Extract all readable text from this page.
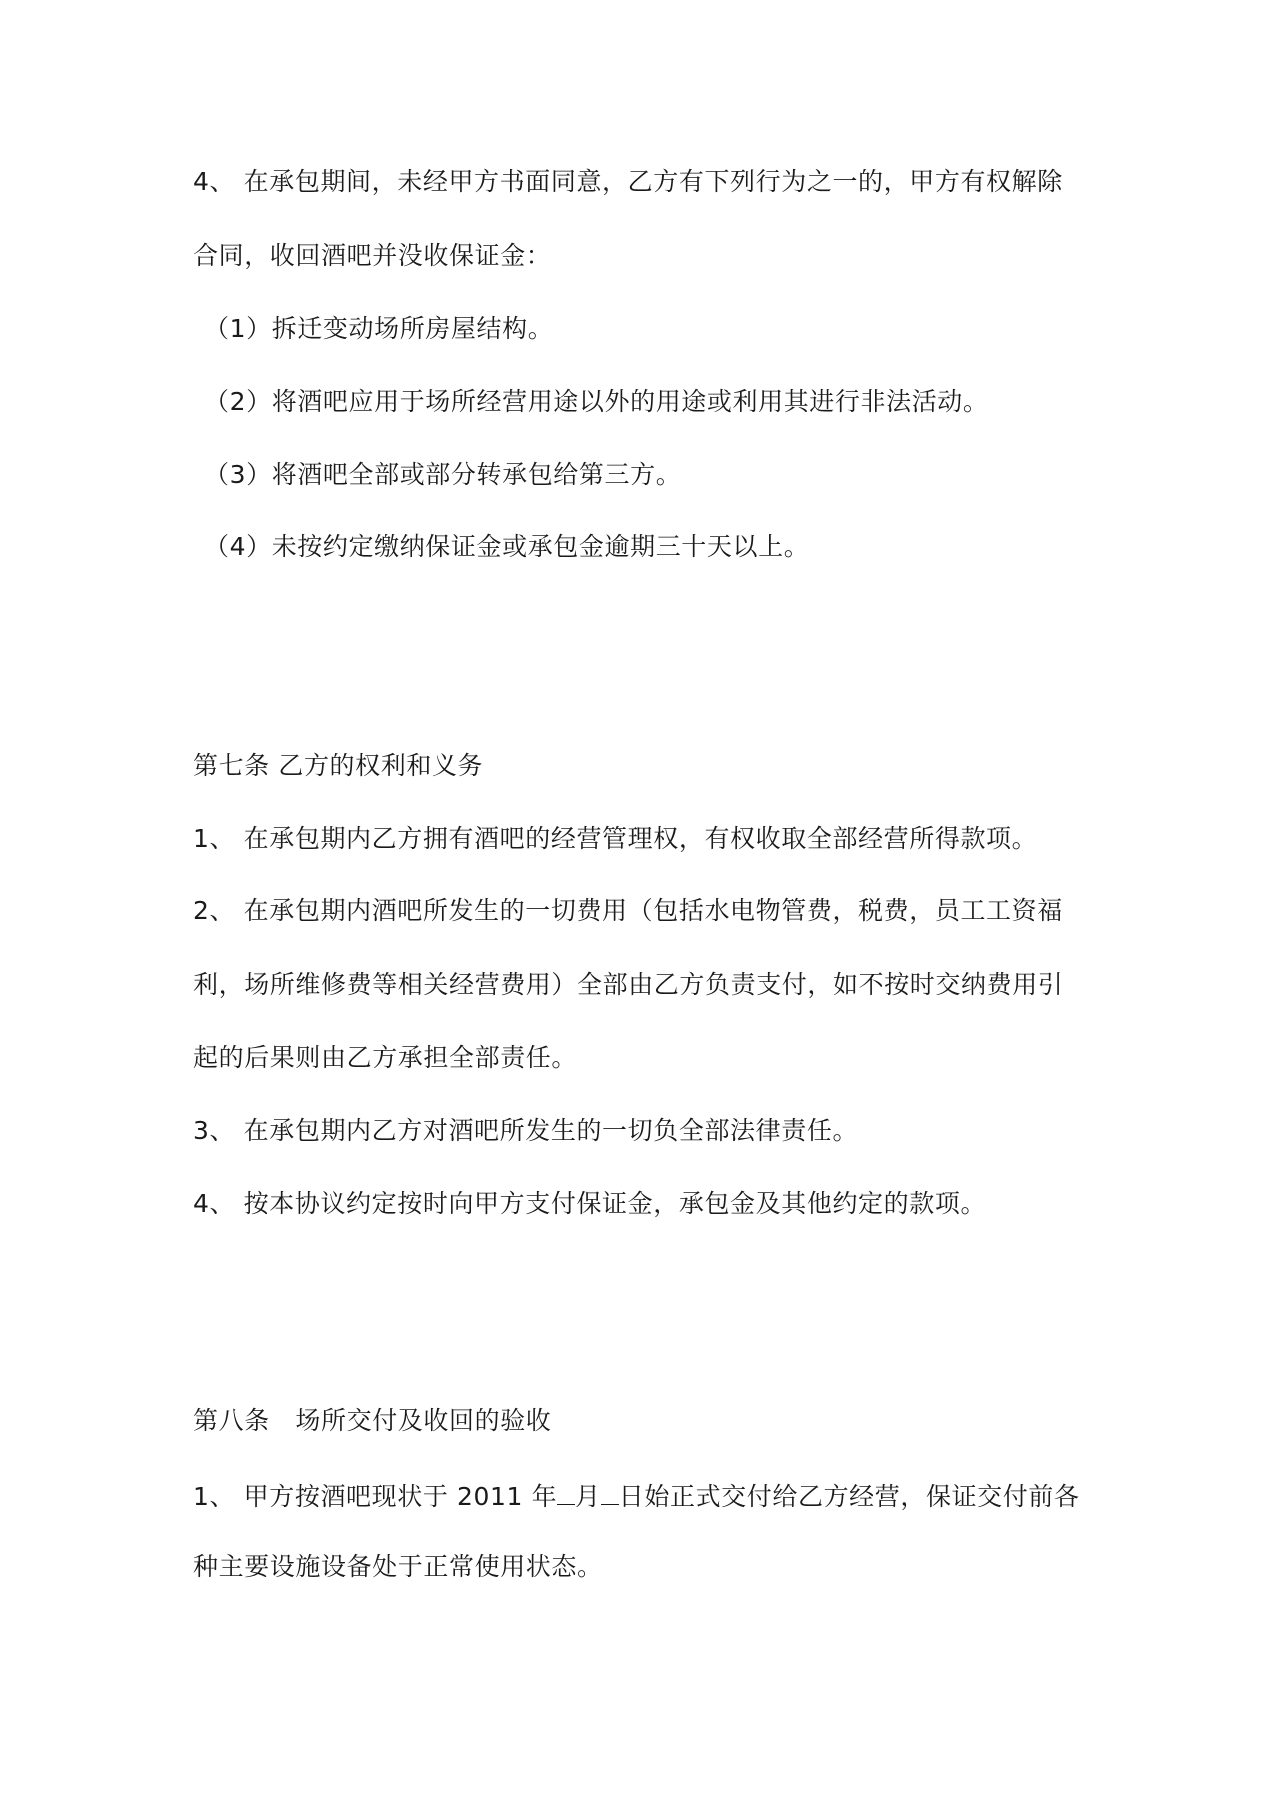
4、 在承包期间，未经甲方书面同意，乙方有下列行为之一的，甲方有权解除
合同，收回酒吧并没收保证金：
（1）拆迁变动场所房屋结构。
（2）将酒吧应用于场所经营用途以外的用途或利用其进行非法活动。
（3）将酒吧全部或部分转承包给第三方。
（4）未按约定缴纳保证金或承包金逾期三十天以上。
第七条 乙方的权利和义务
1、 在承包期内乙方拥有酒吧的经营管理权，有权收取全部经营所得款项。
2、 在承包期内酒吧所发生的一切费用（包括水电物管费，税费，员工工资福
利，场所维修费等相关经营费用）全部由乙方负责支付，如不按时交纳费用引
起的后果则由乙方承担全部责任。
3、 在承包期内乙方对酒吧所发生的一切负全部法律责任。
4、 按本协议约定按时向甲方支付保证金，承包金及其他约定的款项。
第八条　场所交付及收回的验收
1、 甲方按酒吧现状于 2011 年 月 日始正式交付给乙方经营，保证交付前各
种主要设施设备处于正常使用状态。
